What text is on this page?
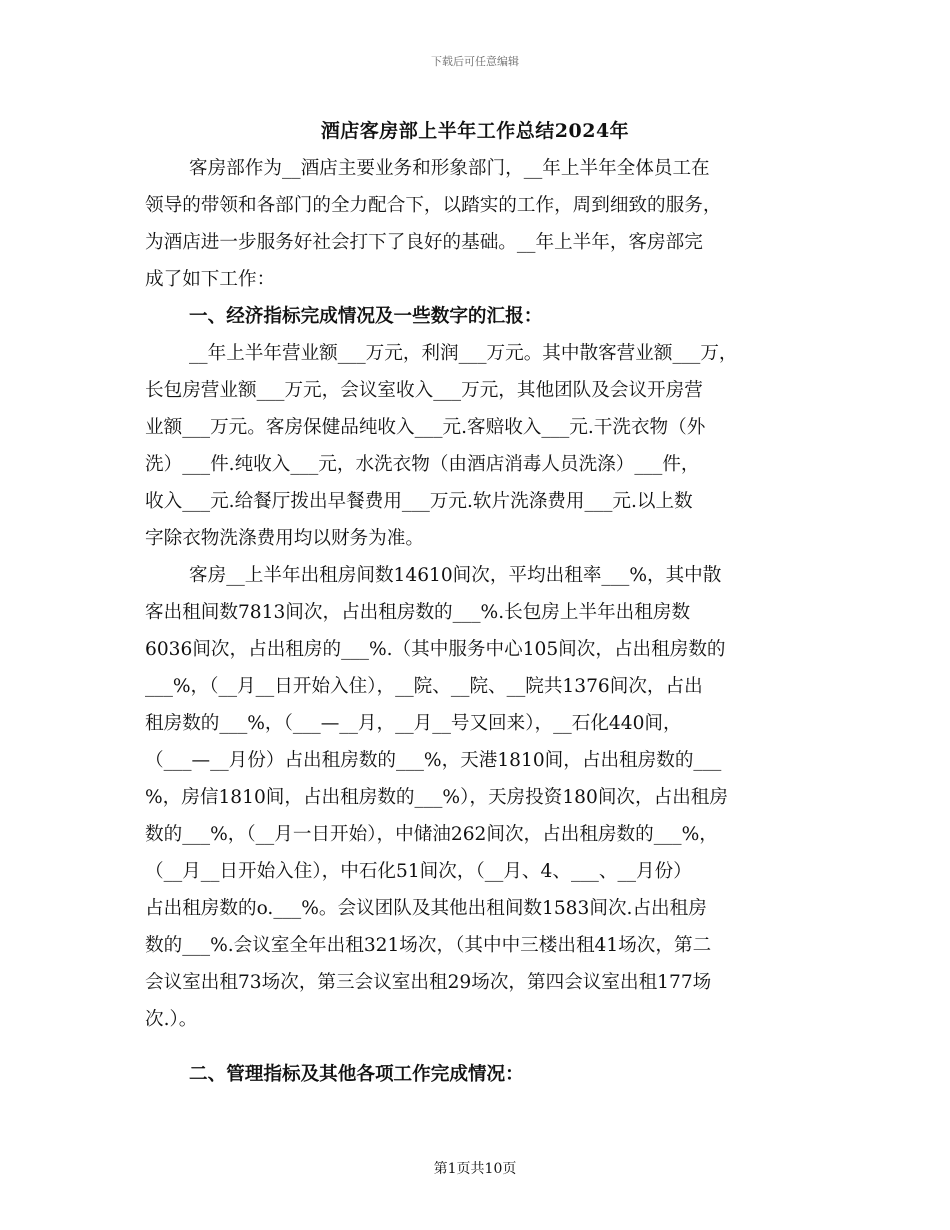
下载后可任意编辑
酒店客房部上半年工作总结2024年

客房部作为__酒店主要业务和形象部门，__年上半年全体员工在

领导的带领和各部门的全力配合下，以踏实的工作，周到细致的服务，

为酒店进一步服务好社会打下了良好的基础。__年上半年，客房部完

成了如下工作：

一、经济指标完成情况及一些数字的汇报：

__年上半年营业额___万元，利润___万元。其中散客营业额___万，

长包房营业额___万元，会议室收入___万元，其他团队及会议开房营

业额___万元。客房保健品纯收入___元.客赔收入___元.干洗衣物（外

洗）___件.纯收入___元，水洗衣物（由酒店消毒人员洗涤）___件，

收入___元.给餐厅拨出早餐费用___万元.软片洗涤费用___元.以上数

字除衣物洗涤费用均以财务为准。

客房__上半年出租房间数14610间次，平均出租率___%，其中散

客出租间数7813间次，占出租房数的___%.长包房上半年出租房数

6036间次，占出租房的___%.（其中服务中心105间次，占出租房数的

___%，（__月__日开始入住），__院、__院、__院共1376间次，占出

租房数的___%，（___—__月，__月__号又回来），__石化440间，

（___—__月份）占出租房数的___%，天港1810间，占出租房数的___

%，房信1810间，占出租房数的___%），天房投资180间次，占出租房

数的___%，（__月一日开始），中储油262间次，占出租房数的___%，

（__月__日开始入住），中石化51间次，（__月、4、___、__月份）

占出租房数的o.___%。会议团队及其他出租间数1583间次.占出租房

数的___%.会议室全年出租321场次，（其中中三楼出租41场次，第二

会议室出租73场次，第三会议室出租29场次，第四会议室出租177场

次.）。

二、管理指标及其他各项工作完成情况：

第1页共10页
